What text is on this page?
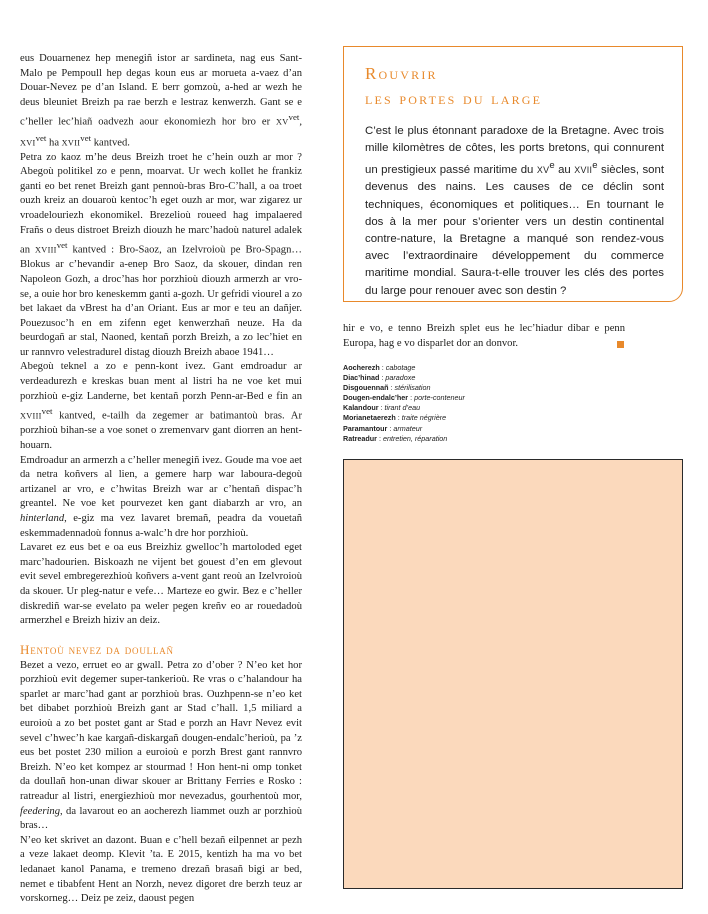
eus Douarnenez hep menegiñ istor ar sardineta, nag eus Sant-Malo pe Pempoull hep degas koun eus ar morueta a-vaez d’an Douar-Nevez pe d’an Island. E berr gomzoù, a-hed ar wezh he deus bleuniet Breizh pa rae berzh e lestraz kenwerzh. Gant se e c’heller lec’hiañ oadvezh aour ekonomiezh hor bro er $XV^{vet}$, $XVI^{vet}$ ha $XVII^{vet}$ kantved.

Petra zo kaoz m’he deus Breizh troet he c’hein ouzh ar mor ? Abegoù politikel zo e penn, moarvat. Ur wech kollet he frankiz ganti eo bet renet Breizh gant pennoù-bras Bro-C’hall, a oa troet ouzh kreiz an douaroù kentoc’h eget ouzh ar mor, war zigarez ur vroadelouriezh ekonomikel. Brezelioù roueed hag impalaered Frañs o deus distroet Breizh diouzh he marc’hadoù naturel adalek an $XVIII^{vet}$ kantved : Bro-Saoz, an Izelvroioù pe Bro-Spagn… Blokus ar c’hevandir a-enep Bro Saoz, da skouer, dindan ren Napoleon Gozh, a droc’has hor porzhioù diouzh armerzh ar vro-se, a ouie hor bro keneskemm ganti a-gozh. Ur gefridi viourel a zo bet lakaet da vBrest ha d’an Oriant. Eus ar mor e teu an dañjer. Pouezusoc’h en em zifenn eget kenwerzhañ neuze. Ha da beurdogañ ar stal, Naoned, kentañ porzh Breizh, a zo lec’hiet en ur rannvro velestradurel distag diouzh Breizh abaoe 1941…

Abegoù teknel a zo e penn-kont ivez. Gant emdroadur ar verdeadurezh e kreskas buan ment al listri ha ne voe ket mui porzhioù e-giz Landerne, bet kentañ porzh Penn-ar-Bed e fin an $XVIII^{vet}$ kantved, e-tailh da zegemer ar batimantoù bras. Ar porzhioù bihan-se a voe sonet o zremenvarv gant diorren an hent-houarn.

Emdroadur an armerzh a c’heller menegiñ ivez. Goude ma voe aet da netra koñvers al lien, a gemere harp war laboura-degoù artizanel ar vro, e c’hwitas Breizh war ar c’hentañ dispac’h greantel. Ne voe ket pourvezet ken gant diabarzh ar vro, an hinterland, e-giz ma vez lavaret bremañ, peadra da vouetañ eskemmadennadoù fonnus a-walc’h dre hor porzhioù.

Lavaret ez eus bet e oa eus Breizhiz gwelloc’h martoloded eget marc’hadourien. Biskoazh ne vijent bet gouest d’en em glevout evit sevel embregerezhioù koñvers a-vent gant reoù an Izelvroioù da skouer. Ur pleg-natur e vefe… Marteze eo gwir. Bez e c’heller diskrediñ war-se evelato pa weler pegen kreñv eo ar rouedadoù armerzhel e Breizh hiziv an deiz.

Hentoù nevez da doullañ

Bezet a vezo, erruet eo ar gwall. Petra zo d’ober ? N’eo ket hor porzhioù evit degemer super-tankerioù. Re vras o c’halandour ha sparlet ar marc’had gant ar porzhioù bras. Ouzhpenn-se n’eo ket bet dibabet porzhioù Breizh gant ar Stad c’hall. 1,5 miliard a euroioù a zo bet postet gant ar Stad e porzh an Havr Nevez evit sevel c’hwec’h kae kargañ-diskargañ dougen-endalc’herioù, pa ’z eus bet postet 230 milion a euroioù e porzh Brest gant rannvro Breizh. N’eo ket kompez ar stourmad ! Hon hent-ni omp tonket da doullañ hon-unan diwar skouer ar Brittany Ferries e Rosko : ratreadur al listri, energiezhioù mor nevezadus, gourhentoù mor, feedering, da lavarout eo an aocherezh liammet ouzh ar porzhioù bras…

N’eo ket skrivet an dazont. Buan e c’hell bezañ eilpennet ar pezh a veze lakaet deomp. Klevit ’ta. E 2015, kentizh ha ma vo bet ledanaet kanol Panama, e tremeno drezañ brasañ bigi ar bed, nemet e tibabfent Hent an Norzh, nevez digoret dre berzh teuz ar vorskorneg… Deiz pe zeiz, daoust pegen

Rouvrir
les portes du large

C’est le plus étonnant paradoxe de la Bretagne. Avec trois mille kilomètres de côtes, les ports bretons, qui connurent un prestigieux passé maritime du XVe au XVIIe siècles, sont devenus des nains. Les causes de ce déclin sont techniques, économiques et politiques… En tournant le dos à la mer pour s’orienter vers un destin continental contre-nature, la Bretagne a manqué son rendez-vous avec l’extraordinaire développement du commerce maritime mondial. Saura-t-elle trouver les clés des portes du large pour renouer avec son destin ?

hir e vo, e tenno Breizh splet eus he lec’hiadur dibar e penn Europa, hag e vo disparlet dor an donvor.

Aocherezh : cabotage
Diac’hinad : paradoxe
Disgouennañ : stérilisation
Dougen-endalc’her : porte-conteneur
Kalandour : tirant d’eau
Morianetaerezh : traite négrière
Paramantour : armateur
Ratreadur : entretien, réparation
